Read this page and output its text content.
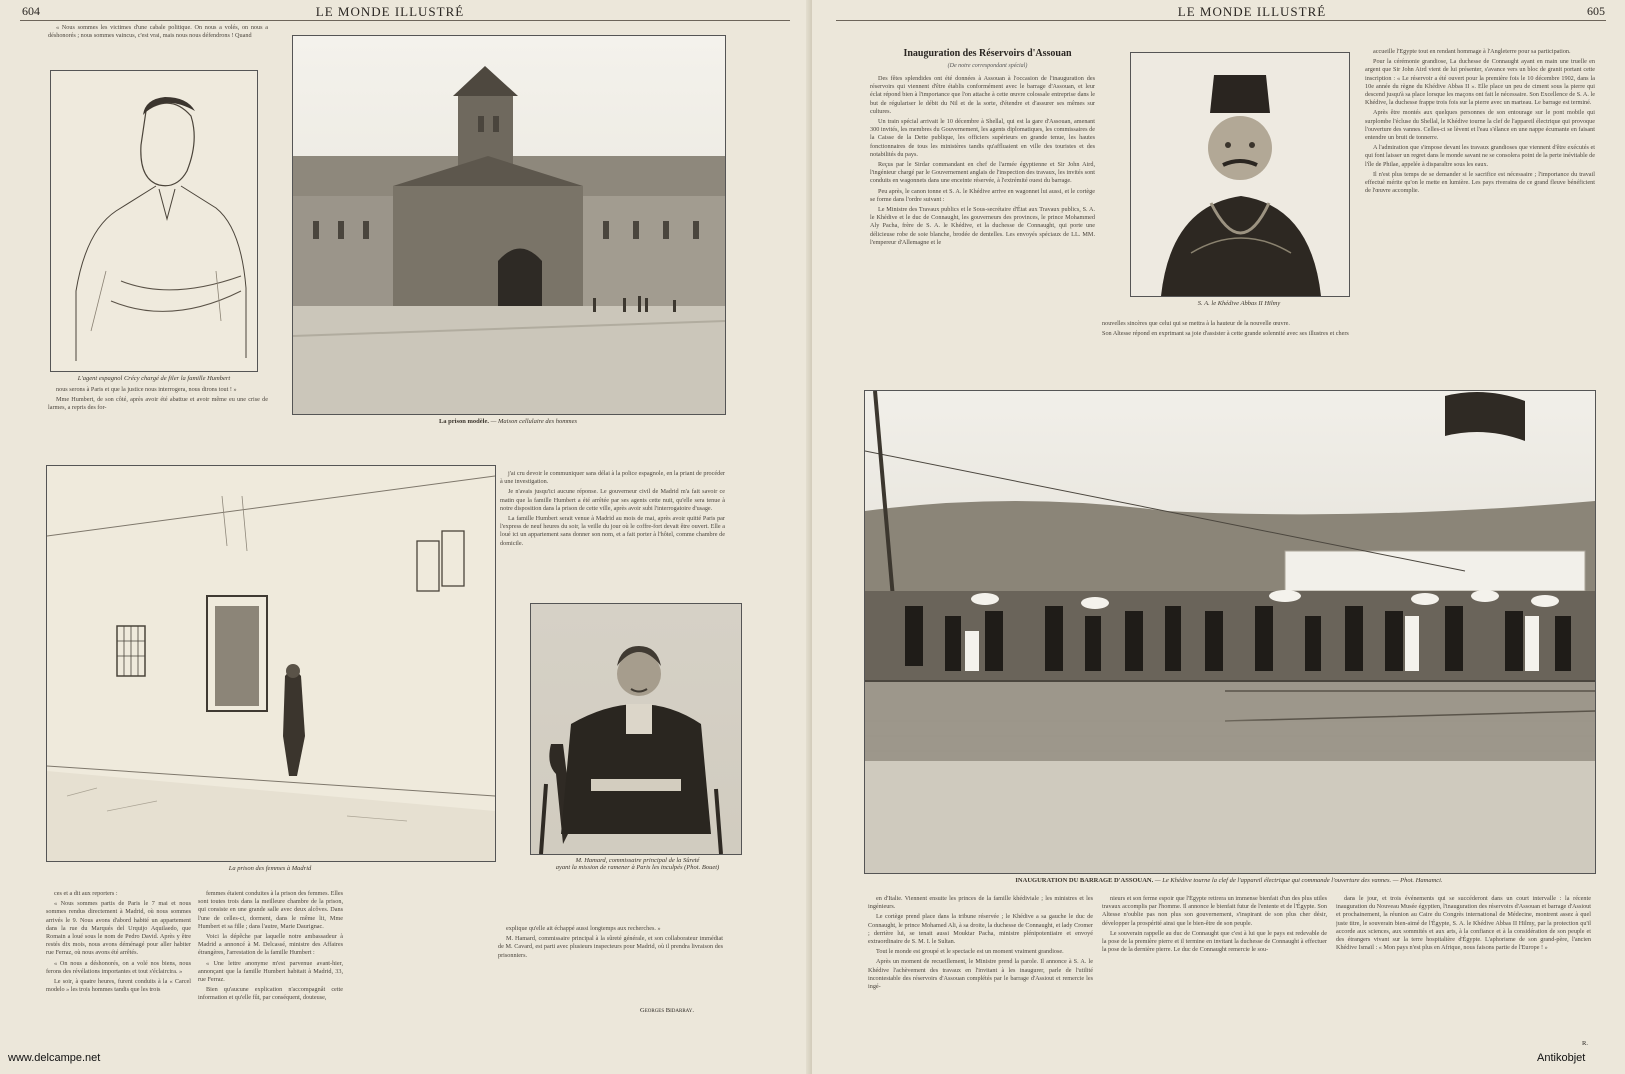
604	LE MONDE ILLUSTRÉ

« Nous sommes les victimes d'une cabale politique. On nous a volés, on nous a déshonorés ; nous sommes vaincus, c'est vrai, mais nous nous défendrons ! Quand

L'agent espagnol Crécy chargé de filer la famille Humbert

nous serons à Paris et que la justice nous interrogera, nous dirons tout ! »

Mme Humbert, de son côté, après avoir été abattue et avoir même eu une crise de larmes, a repris des for-

La prison modèle. — Maison cellulaire des hommes
La prison des femmes à Madrid

j'ai cru devoir le communiquer sans délai à la police espagnole, en la priant de procéder à une investigation.

Je n'avais jusqu'ici aucune réponse. Le gouverneur civil de Madrid m'a fait savoir ce matin que la famille Humbert a été arrêtée par ses agents cette nuit, qu'elle sera tenue à notre disposition dans la prison de cette ville, après avoir subi l'interrogatoire d'usage.

La famille Humbert serait venue à Madrid au mois de mai, après avoir quitté Paris par l'express de neuf heures du soir, la veille du jour où le coffre-fort devait être ouvert. Elle a loué ici un appartement sans donner son nom, et a fait porter à l'hôtel, comme chambre de domicile.

M. Hamard, commissaire principal de la Sûreté
ayant la mission de ramener à Paris les inculpés (Phot. Bouet)

ces et a dit aux reporters :

« Nous sommes partis de Paris le 7 mai et nous sommes rendus directement à Madrid, où nous sommes arrivés le 9. Nous avons d'abord habité un appartement dans la rue du Marqués del Urquijo Aquilaedo, que Romain a loué sous le nom de Pedro David. Après y être restés dix mois, nous avons déménagé pour aller habiter rue Ferraz, où nous avons été arrêtés.

« On nous a déshonorés, on a volé nos biens, nous ferons des révélations importantes et tout s'éclaircira. »

Le soir, à quatre heures, furent conduits à la « Carcel modelo » les trois hommes tandis que les trois

femmes étaient conduites à la prison des femmes. Elles sont toutes trois dans la meilleure chambre de la prison, qui consiste en une grande salle avec deux alcôves. Dans l'une de celles-ci, dorment, dans le même lit, Mme Humbert et sa fille ; dans l'autre, Marie Daurignac.

Voici la dépêche par laquelle notre ambassadeur à Madrid a annoncé à M. Delcassé, ministre des Affaires étrangères, l'arrestation de la famille Humbert :

« Une lettre anonyme m'est parvenue avant-hier, annonçant que la famille Humbert habitait à Madrid, 33, rue Ferraz.

Bien qu'aucune explication n'accompagnât cette information et qu'elle fût, par conséquent, douteuse,

explique qu'elle ait échappé aussi longtemps aux recherches. »

M. Hamard, commissaire principal à la sûreté générale, et son collaborateur immédiat de M. Cavard, est parti avec plusieurs inspecteurs pour Madrid, où il prendra livraison des prisonniers.

Georges Bidarray.
www.delcampe.net
LE MONDE ILLUSTRÉ	605
Inauguration des Réservoirs d'Assouan
(De notre correspondant spécial)

Des fêtes splendides ont été données à Assouan à l'occasion de l'inauguration des réservoirs qui viennent d'être établis conformément avec le barrage d'Assouan, et leur éclat répond bien à l'importance que l'on attache à cette œuvre colossale entreprise dans le but de régulariser le débit du Nil et de la sorte, d'étendre et d'assurer ses mêmes sur cultures.

Un train spécial arrivait le 10 décembre à Shellal, qui est la gare d'Assouan, amenant 300 invités, les membres du Gouvernement, les agents diplomatiques, les commissaires de la Caisse de la Dette publique, les officiers supérieurs en grande tenue, les hautes fonctionnaires de tous les ministères tandis qu'affluaient en ville des touristes et des notabilités du pays.

Reçus par le Sirdar commandant en chef de l'armée égyptienne et Sir John Aird, l'ingénieur chargé par le Gouvernement anglais de l'inspection des travaux, les invités sont conduits en wagonnets dans une enceinte réservée, à l'extrémité ouest du barrage.

Peu après, le canon tonne et S. A. le Khédive arrive en wagonnet lui aussi, et le cortège se forme dans l'ordre suivant :

Le Ministre des Travaux publics et le Sous-secrétaire d'État aux Travaux publics, S. A. le Khédive et le duc de Connaught, les gouverneurs des provinces, le prince Mohammed Aly Pacha, frère de S. A. le Khédive, et la duchesse de Connaught, qui porte une délicieuse robe de soie blanche, brodée de dentelles. Les envoyés spéciaux de LL. MM. l'empereur d'Allemagne et le

S. A. le Khédive Abbas II Hilmy

nouvelles sincères que celui qui se mettra à la hauteur de la nouvelle œuvre.

Son Altesse répond en exprimant sa joie d'assister à cette grande solennité avec ses illustres et chers

accueille l'Egypte tout en rendant hommage à l'Angleterre pour sa participation.

Pour la cérémonie grandiose, La duchesse de Connaught ayant en main une truelle en argent que Sir John Aird vient de lui présenter, s'avance vers un bloc de granit portant cette inscription : « Le réservoir a été ouvert pour la première fois le 10 décembre 1902, dans la 10e année du règne du Khédive Abbas II ». Elle place un peu de ciment sous la pierre qui descend jusqu'à sa place lorsque les maçons ont fait le nécessaire. Son Excellence de S. A. le Khédive, la duchesse frappe trois fois sur la pierre avec un marteau. Le barrage est terminé.

Après être montés aux quelques personnes de son entourage sur le pont mobile qui surplombe l'écluse du Shellal, le Khédive tourne la clef de l'appareil électrique qui provoque l'ouverture des vannes. Celles-ci se lèvent et l'eau s'élance en une nappe écumante en faisant entendre un bruit de tonnerre.

A l'admiration que s'impose devant les travaux grandioses que viennent d'être exécutés et qui font laisser un regret dans le monde savant ne se consolera point de la perte inévitable de l'île de Philae, appelée à disparaître sous les eaux.

Il n'est plus temps de se demander si le sacrifice est nécessaire ; l'importance du travail effectué mérite qu'on le mette en lumière. Les pays riverains de ce grand fleuve bénéficient de l'œuvre accomplie.

INAUGURATION DU BARRAGE D'ASSOUAN. — Le Khédive tourne la clef de l'appareil électrique qui commande l'ouverture des vannes. — Phot. Hamamci.

en d'Italie. Viennent ensuite les princes de la famille khédiviale ; les ministres et les ingénieurs.

Le cortège prend place dans la tribune réservée ; le Khédive a sa gauche le duc de Connaught, le prince Mohamed Ali, à sa droite, la duchesse de Connaught, et lady Cromer ; derrière lui, se tenait aussi Mouktar Pacha, ministre plénipotentiaire et envoyé extraordinaire de S. M. I. le Sultan.

Tout le monde est groupé et le spectacle est un moment vraiment grandiose.

Après un moment de recueillement, le Ministre prend la parole. Il annonce à S. A. le Khédive l'achèvement des travaux en l'invitant à les inaugurer, parle de l'utilité incontestable des réservoirs d'Assouan complétés par le barrage d'Assiout et remercie les ingé-

nieurs et son ferme espoir que l'Égypte retirera un immense bienfait d'un des plus utiles travaux accomplis par l'homme. Il annonce le bienfait futur de l'entente et de l'Égypte. Son Altesse n'oublie pas non plus son gouvernement, s'inspirant de son plus cher désir, développer la prospérité ainsi que le bien-être de son peuple.

Le souverain rappelle au duc de Connaught que c'est à lui que le pays est redevable de la pose de la première pierre et il termine en invitant la duchesse de Connaught à effectuer la pose de la dernière pierre. Le duc de Connaught remercie le sou-

dans le jour, et trois événements qui se succéderont dans un court intervalle : la récente inauguration du Nouveau Musée égyptien, l'inauguration des réservoirs d'Assouan et barrage d'Assiout et prochainement, la réunion au Caire du Congrès international de Médecine, montrent assez à quel juste titre, le souverain bien-aimé de l'Égypte, S. A. le Khédive Abbas II Hilmy, par la protection qu'il accorde aux sciences, aux sommités et aux arts, à la confiance et à la considération de son peuple et des étrangers vivant sur la terre hospitalière d'Égypte. L'aphorisme de son grand-père, l'ancien Khédive Ismaïl : « Mon pays n'est plus en Afrique, nous faisons partie de l'Europe ! »

R.
Antikobjet
